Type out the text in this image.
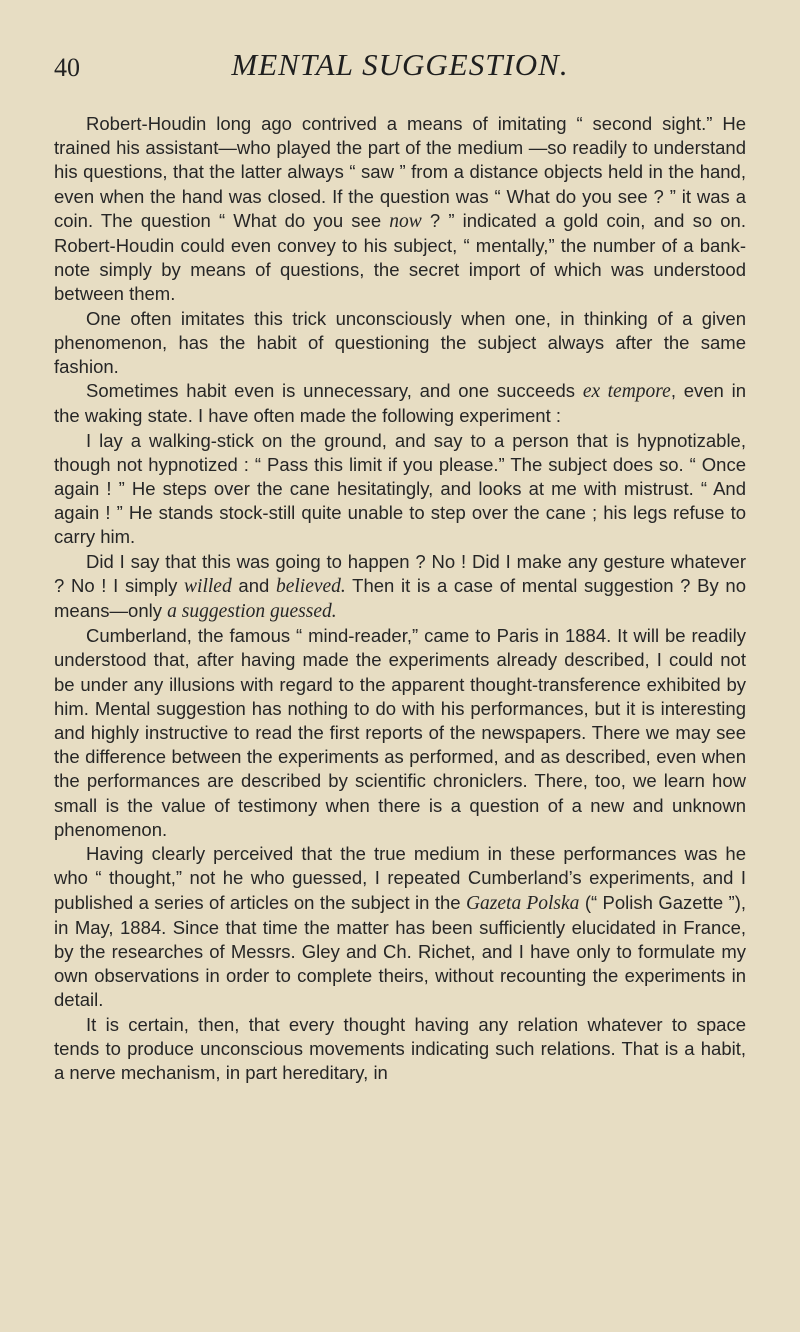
40	MENTAL SUGGESTION.

Robert-Houdin long ago contrived a means of imitating “ second sight.” He trained his assistant—who played the part of the medium —so readily to understand his questions, that the latter always “ saw ” from a distance objects held in the hand, even when the hand was closed. If the question was “ What do you see ? ” it was a coin. The question “ What do you see now ? ” indicated a gold coin, and so on. Robert-Houdin could even convey to his subject, “ mentally,” the number of a bank-note simply by means of questions, the secret import of which was understood between them.

One often imitates this trick unconsciously when one, in thinking of a given phenomenon, has the habit of questioning the subject always after the same fashion.

Sometimes habit even is unnecessary, and one succeeds ex tempore, even in the waking state. I have often made the following experiment :

I lay a walking-stick on the ground, and say to a person that is hypnotizable, though not hypnotized : “ Pass this limit if you please.” The subject does so. “ Once again ! ” He steps over the cane hesitatingly, and looks at me with mistrust. “ And again ! ” He stands stock-still quite unable to step over the cane ; his legs refuse to carry him.

Did I say that this was going to happen ? No ! Did I make any gesture whatever ? No ! I simply willed and believed. Then it is a case of mental suggestion ? By no means—only a suggestion guessed.

Cumberland, the famous “ mind-reader,” came to Paris in 1884. It will be readily understood that, after having made the experiments already described, I could not be under any illusions with regard to the apparent thought-transference exhibited by him. Mental suggestion has nothing to do with his performances, but it is interesting and highly instructive to read the first reports of the newspapers. There we may see the difference between the experiments as performed, and as described, even when the performances are described by scientific chroniclers. There, too, we learn how small is the value of testimony when there is a question of a new and unknown phenomenon.

Having clearly perceived that the true medium in these performances was he who “ thought,” not he who guessed, I repeated Cumberland’s experiments, and I published a series of articles on the subject in the Gazeta Polska (“ Polish Gazette ”), in May, 1884. Since that time the matter has been sufficiently elucidated in France, by the researches of Messrs. Gley and Ch. Richet, and I have only to formulate my own observations in order to complete theirs, without recounting the experiments in detail.

It is certain, then, that every thought having any relation whatever to space tends to produce unconscious movements indicating such relations. That is a habit, a nerve mechanism, in part hereditary, in
